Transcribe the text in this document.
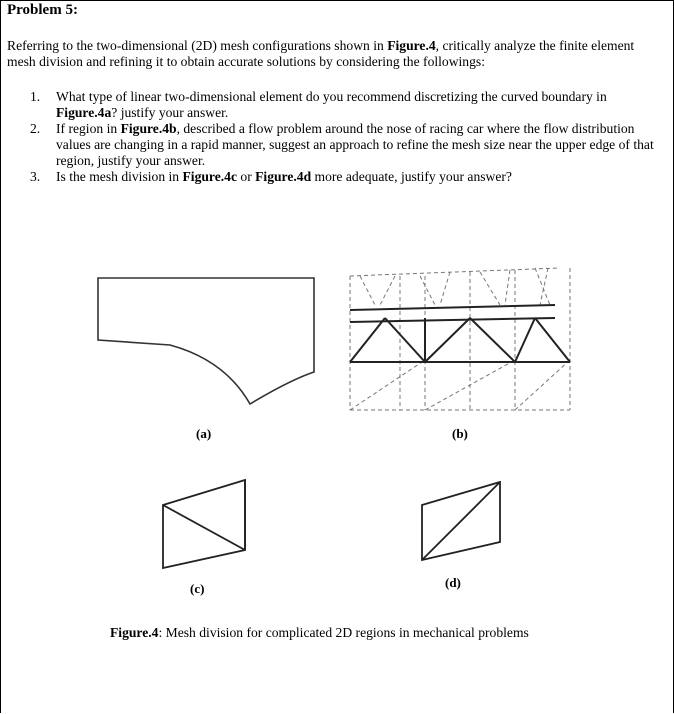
Problem 5:
Referring to the two-dimensional (2D) mesh configurations shown in Figure.4, critically analyze the finite element mesh division and refining it to obtain accurate solutions by considering the followings:
1. What type of linear two-dimensional element do you recommend discretizing the curved boundary in Figure.4a? justify your answer.
2. If region in Figure.4b, described a flow problem around the nose of racing car where the flow distribution values are changing in a rapid manner, suggest an approach to refine the mesh size near the upper edge of that region, justify your answer.
3. Is the mesh division in Figure.4c or Figure.4d more adequate, justify your answer?
(a)	(b)
(c)	(d)
Figure.4: Mesh division for complicated 2D regions in mechanical problems
